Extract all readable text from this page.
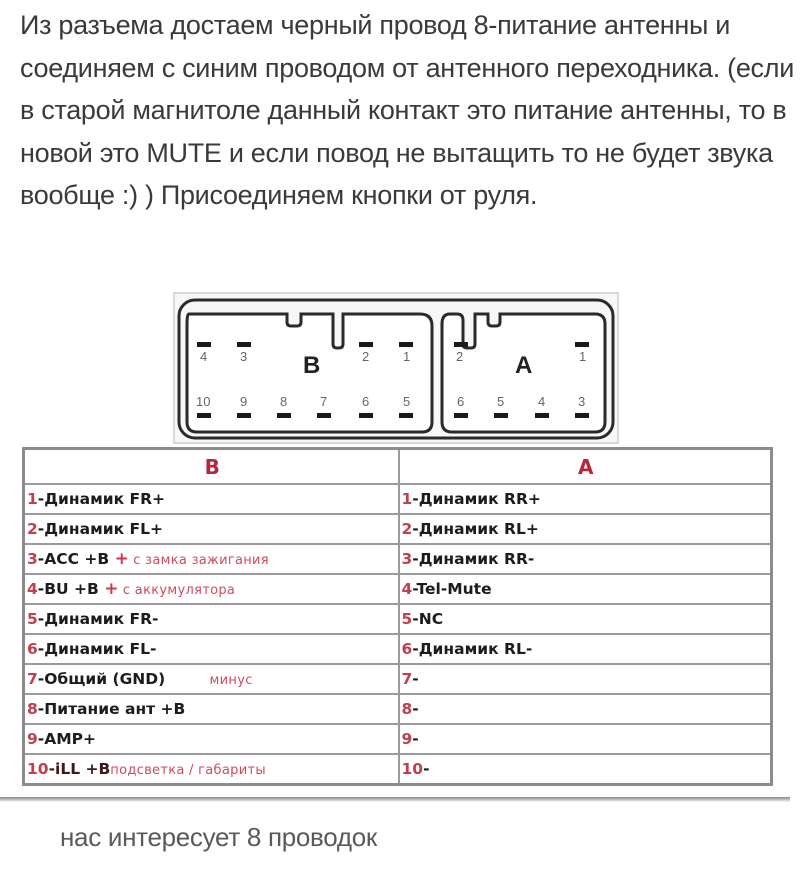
Из разъема достаем черный провод 8-питание антенны и соединяем с синим проводом от антенного переходника. (если в старой магнитоле данный контакт это питание антенны, то в новой это MUTE и если повод не вытащить то не будет звука вообще :) ) Присоединяем кнопки от руля.

4	3 B	2	1
10 9	8	7	6	5
2 A	1
6	5	4	3
B	A
1-Динамик FR+	1-Динамик RR+
2-Динамик FL+	2-Динамик RL+
3-ACC +B + с замка зажигания	3-Динамик RR-
4-BU +B + с аккумулятора	4-Tel-Mute
5-Динамик FR-	5-NC
6-Динамик FL-	6-Динамик RL-
7-Общий (GND)          минус	7-
8-Питание ант +B	8-
9-AMP+	9-
10-iLL +Bподсветка / габариты	10-

нас интересует 8 проводок
